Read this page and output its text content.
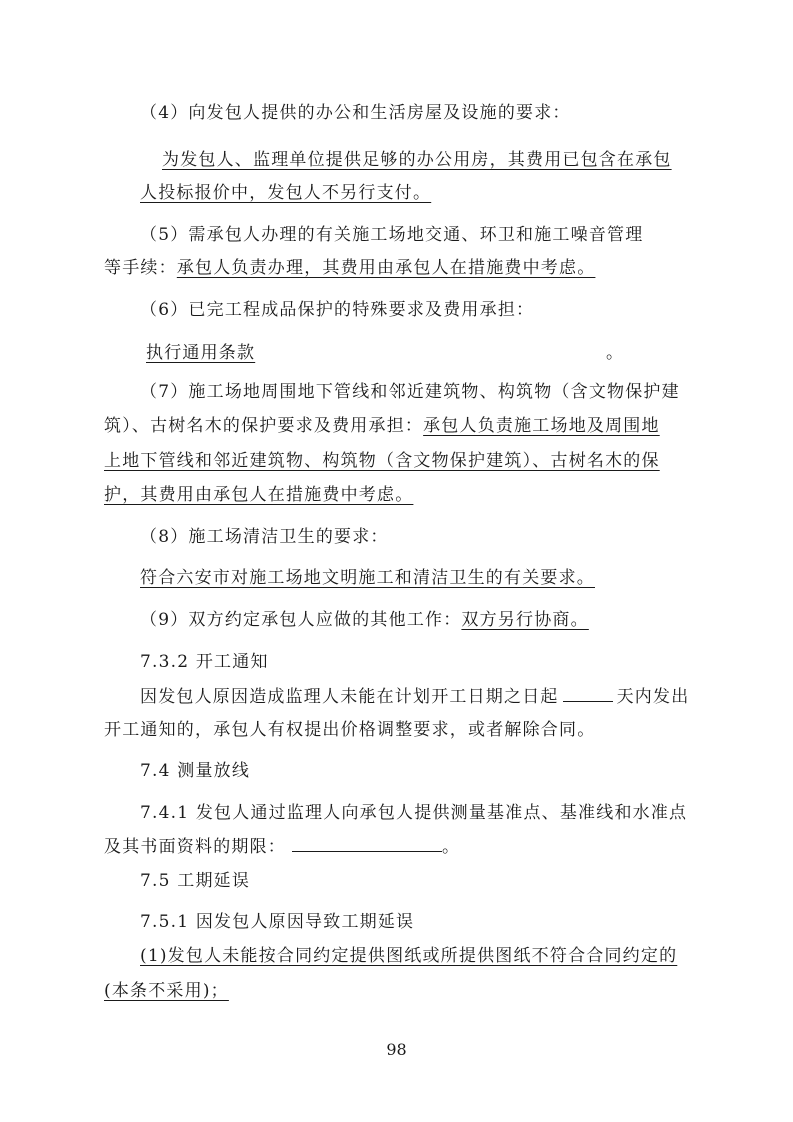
（4）向发包人提供的办公和生活房屋及设施的要求：
为发包人、监理单位提供足够的办公用房，其费用已包含在承包
人投标报价中，发包人不另行支付。
（5）需承包人办理的有关施工场地交通、环卫和施工噪音管理
等手续：承包人负责办理，其费用由承包人在措施费中考虑。
（6）已完工程成品保护的特殊要求及费用承担：
执行通用条款	。
（7）施工场地周围地下管线和邻近建筑物、构筑物（含文物保护建
筑）、古树名木的保护要求及费用承担：承包人负责施工场地及周围地
上地下管线和邻近建筑物、构筑物（含文物保护建筑）、古树名木的保
护，其费用由承包人在措施费中考虑。
（8）施工场清洁卫生的要求：
符合六安市对施工场地文明施工和清洁卫生的有关要求。
（9）双方约定承包人应做的其他工作：双方另行协商。
7.3.2 开工通知
因发包人原因造成监理人未能在计划开工日期之日起	天内发出
开工通知的，承包人有权提出价格调整要求，或者解除合同。
7.4 测量放线
7.4.1 发包人通过监理人向承包人提供测量基准点、基准线和水准点
及其书面资料的期限：	。
7.5 工期延误
7.5.1 因发包人原因导致工期延误
(1)发包人未能按合同约定提供图纸或所提供图纸不符合合同约定的
(本条不采用)；
98
